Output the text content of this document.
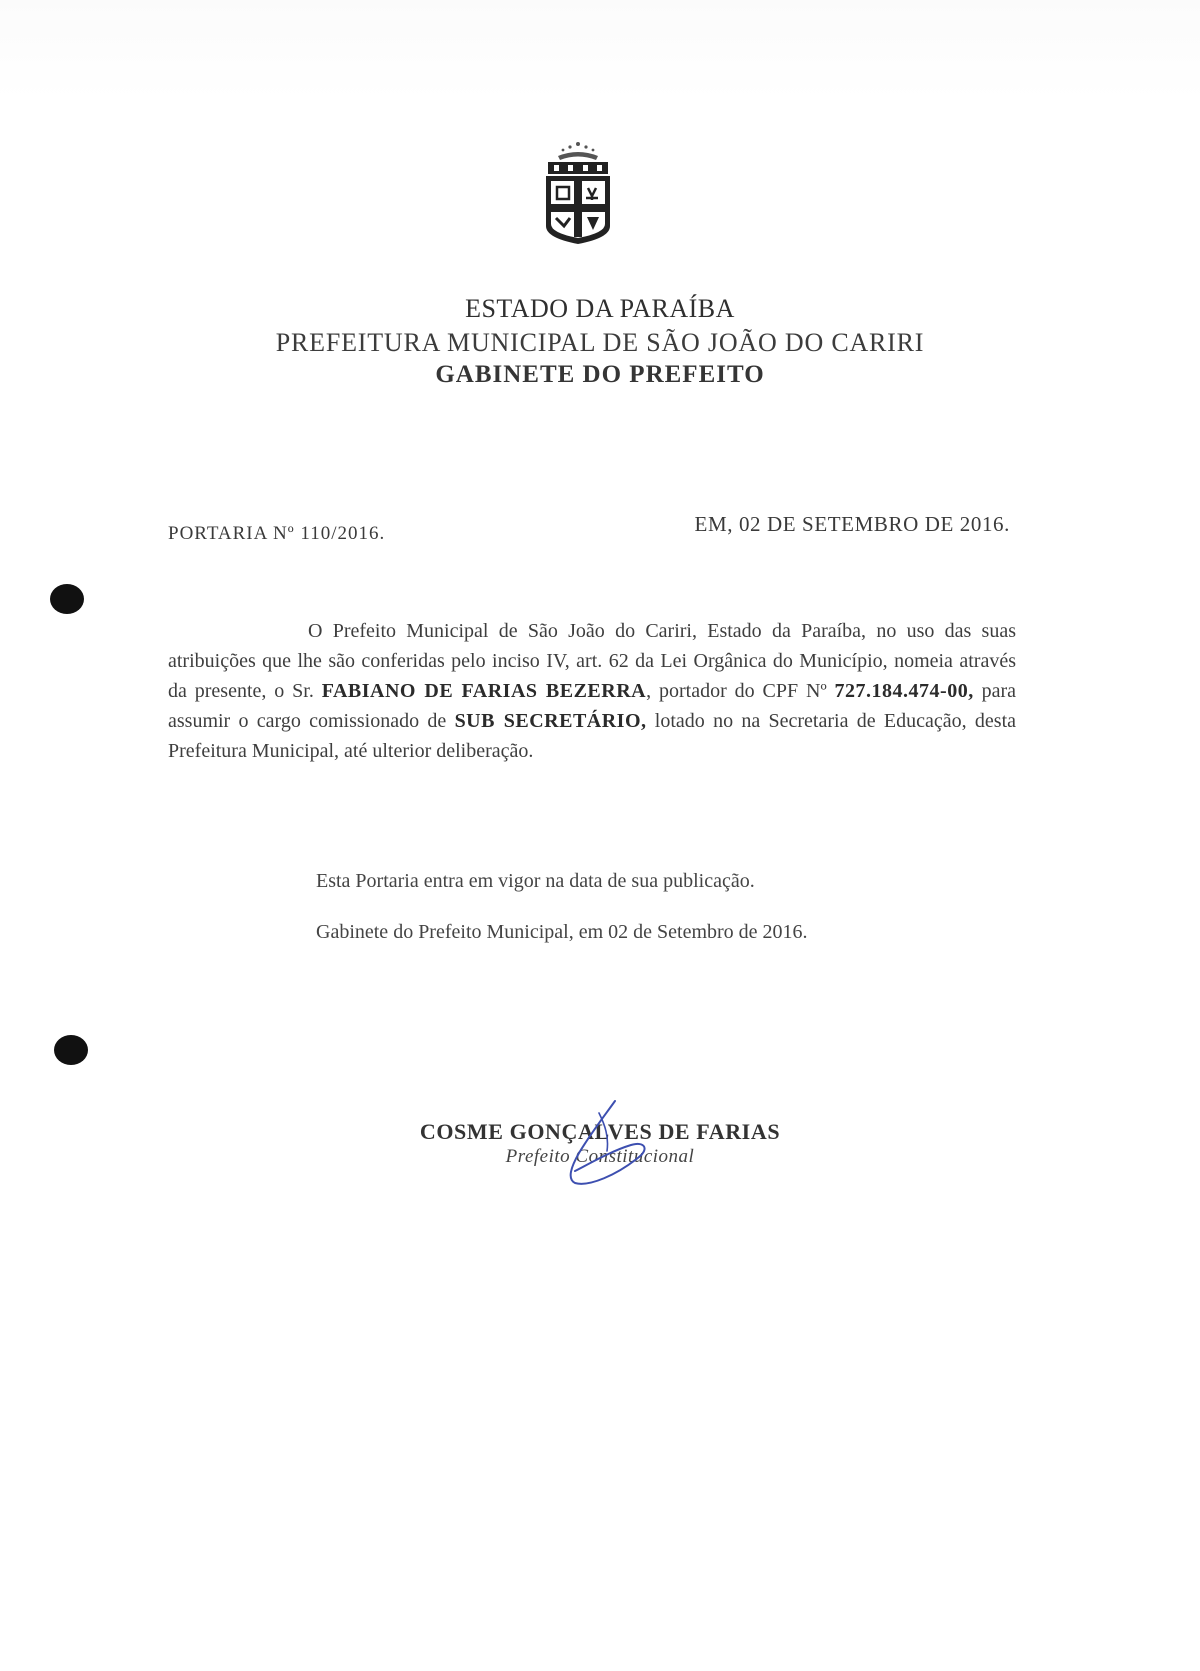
ESTADO DA PARAÍBA
PREFEITURA MUNICIPAL DE SÃO JOÃO DO CARIRI
GABINETE DO PREFEITO
PORTARIA Nº 110/2016.	EM, 02 DE SETEMBRO DE 2016.
O Prefeito Municipal de São João do Cariri, Estado da Paraíba, no uso das suas atribuições que lhe são conferidas pelo inciso IV, art. 62 da Lei Orgânica do Município, nomeia através da presente, o Sr. FABIANO DE FARIAS BEZERRA, portador do CPF Nº 727.184.474-00, para assumir o cargo comissionado de SUB SECRETÁRIO, lotado no na Secretaria de Educação, desta Prefeitura Municipal, até ulterior deliberação.
Esta Portaria entra em vigor na data de sua publicação.
Gabinete do Prefeito Municipal, em 02 de Setembro de 2016.
COSME GONÇALVES DE FARIAS
Prefeito Constitucional
